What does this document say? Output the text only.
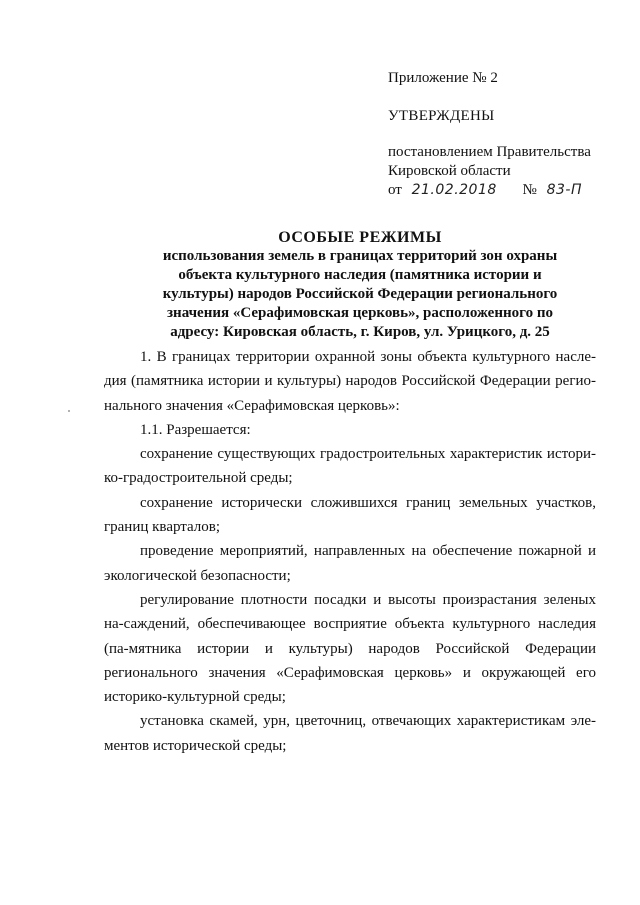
Приложение № 2
УТВЕРЖДЕНЫ
постановлением Правительства
Кировской области
от 21.02.2018 № 83-П
ОСОБЫЕ РЕЖИМЫ
использования земель в границах территорий зон охраны
объекта культурного наследия (памятника истории и
культуры) народов Российской Федерации регионального
значения «Серафимовская церковь», расположенного по
адресу: Кировская область, г. Киров, ул. Урицкого, д. 25

1. В границах территории охранной зоны объекта культурного насле-дия (памятника истории и культуры) народов Российской Федерации регио-нального значения «Серафимовская церковь»:

1.1. Разрешается:

сохранение существующих градостроительных характеристик истори-ко-градостроительной среды;

сохранение исторически сложившихся границ земельных участков, границ кварталов;

проведение мероприятий, направленных на обеспечение пожарной и экологической безопасности;

регулирование плотности посадки и высоты произрастания зеленых на-саждений, обеспечивающее восприятие объекта культурного наследия (па-мятника истории и культуры) народов Российской Федерации регионального значения «Серафимовская церковь» и окружающей его историко-культурной среды;

установка скамей, урн, цветочниц, отвечающих характеристикам эле-ментов исторической среды;
